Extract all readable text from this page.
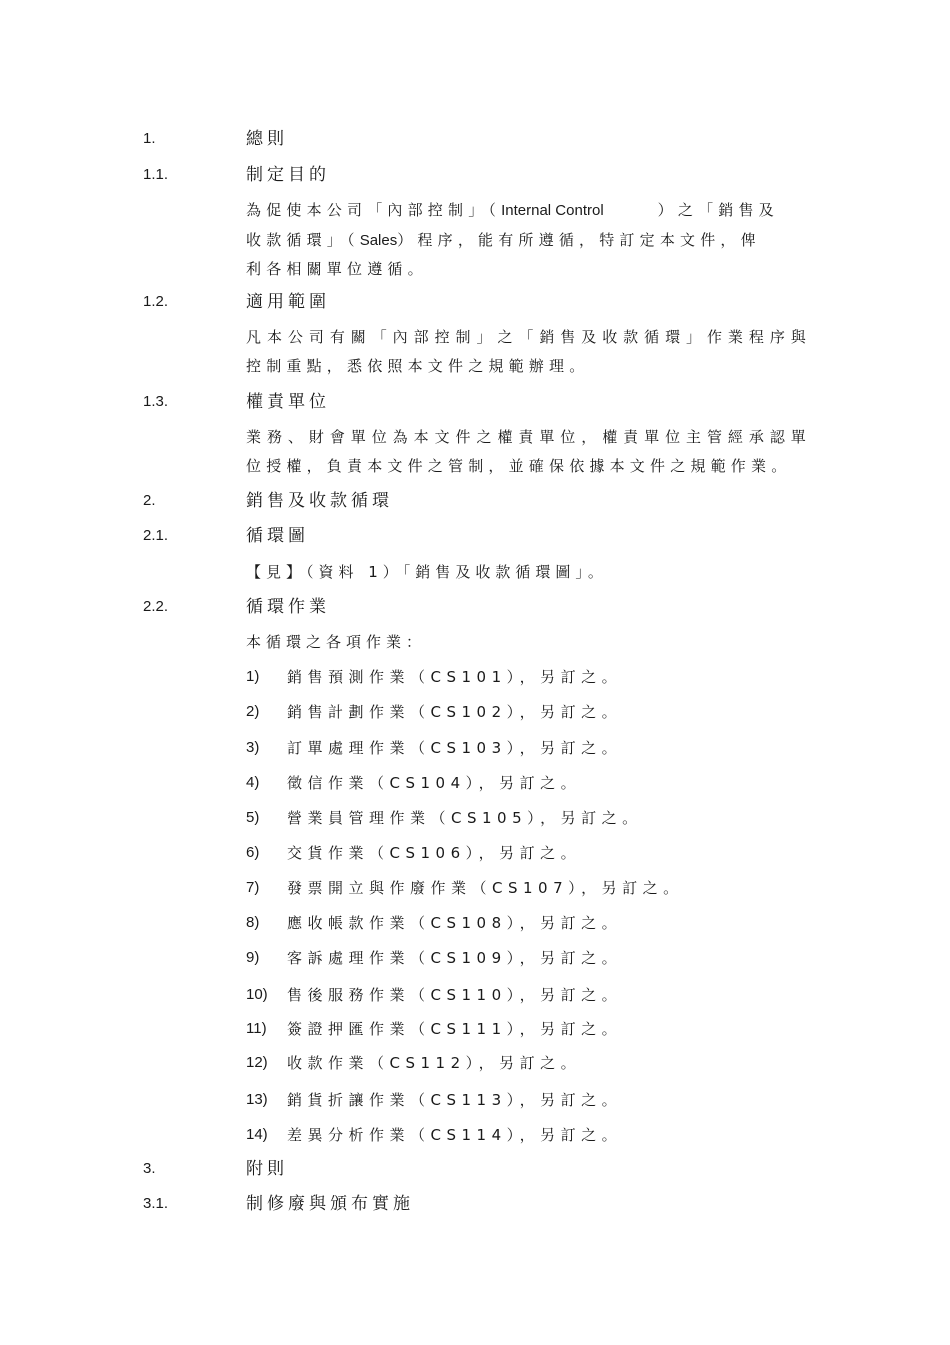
1.	總則
1.1.	制定目的
為促使本公司「內部控制」（Internal Control	）之「銷售及
收款循環」（Sales）程序，能有所遵循，特訂定本文件，俾
利各相關單位遵循。
1.2.	適用範圍
凡本公司有關「內部控制」之「銷售及收款循環」作業程序與
控制重點，悉依照本文件之規範辦理。
1.3.	權責單位
業務、財會單位為本文件之權責單位，權責單位主管經承認單
位授權，負責本文件之管制，並確保依據本文件之規範作業。
2.	銷售及收款循環
2.1.	循環圖
【見】（資料 1）「銷售及收款循環圖」。
2.2.	循環作業
本循環之各項作業：
1) 銷售預測作業（CS101），另訂之。
2) 銷售計劃作業（CS102），另訂之。
3) 訂單處理作業（CS103），另訂之。
4) 徵信作業（CS104），另訂之。
5) 營業員管理作業（CS105），另訂之。
6) 交貨作業（CS106），另訂之。
7) 發票開立與作廢作業（CS107），另訂之。
8) 應收帳款作業（CS108），另訂之。
9) 客訴處理作業（CS109），另訂之。
10) 售後服務作業（CS110），另訂之。
11) 簽證押匯作業（CS111），另訂之。
12) 收款作業（CS112），另訂之。
13) 銷貨折讓作業（CS113），另訂之。
14) 差異分析作業（CS114），另訂之。
3.	附則
3.1.	制修廢與頒布實施
